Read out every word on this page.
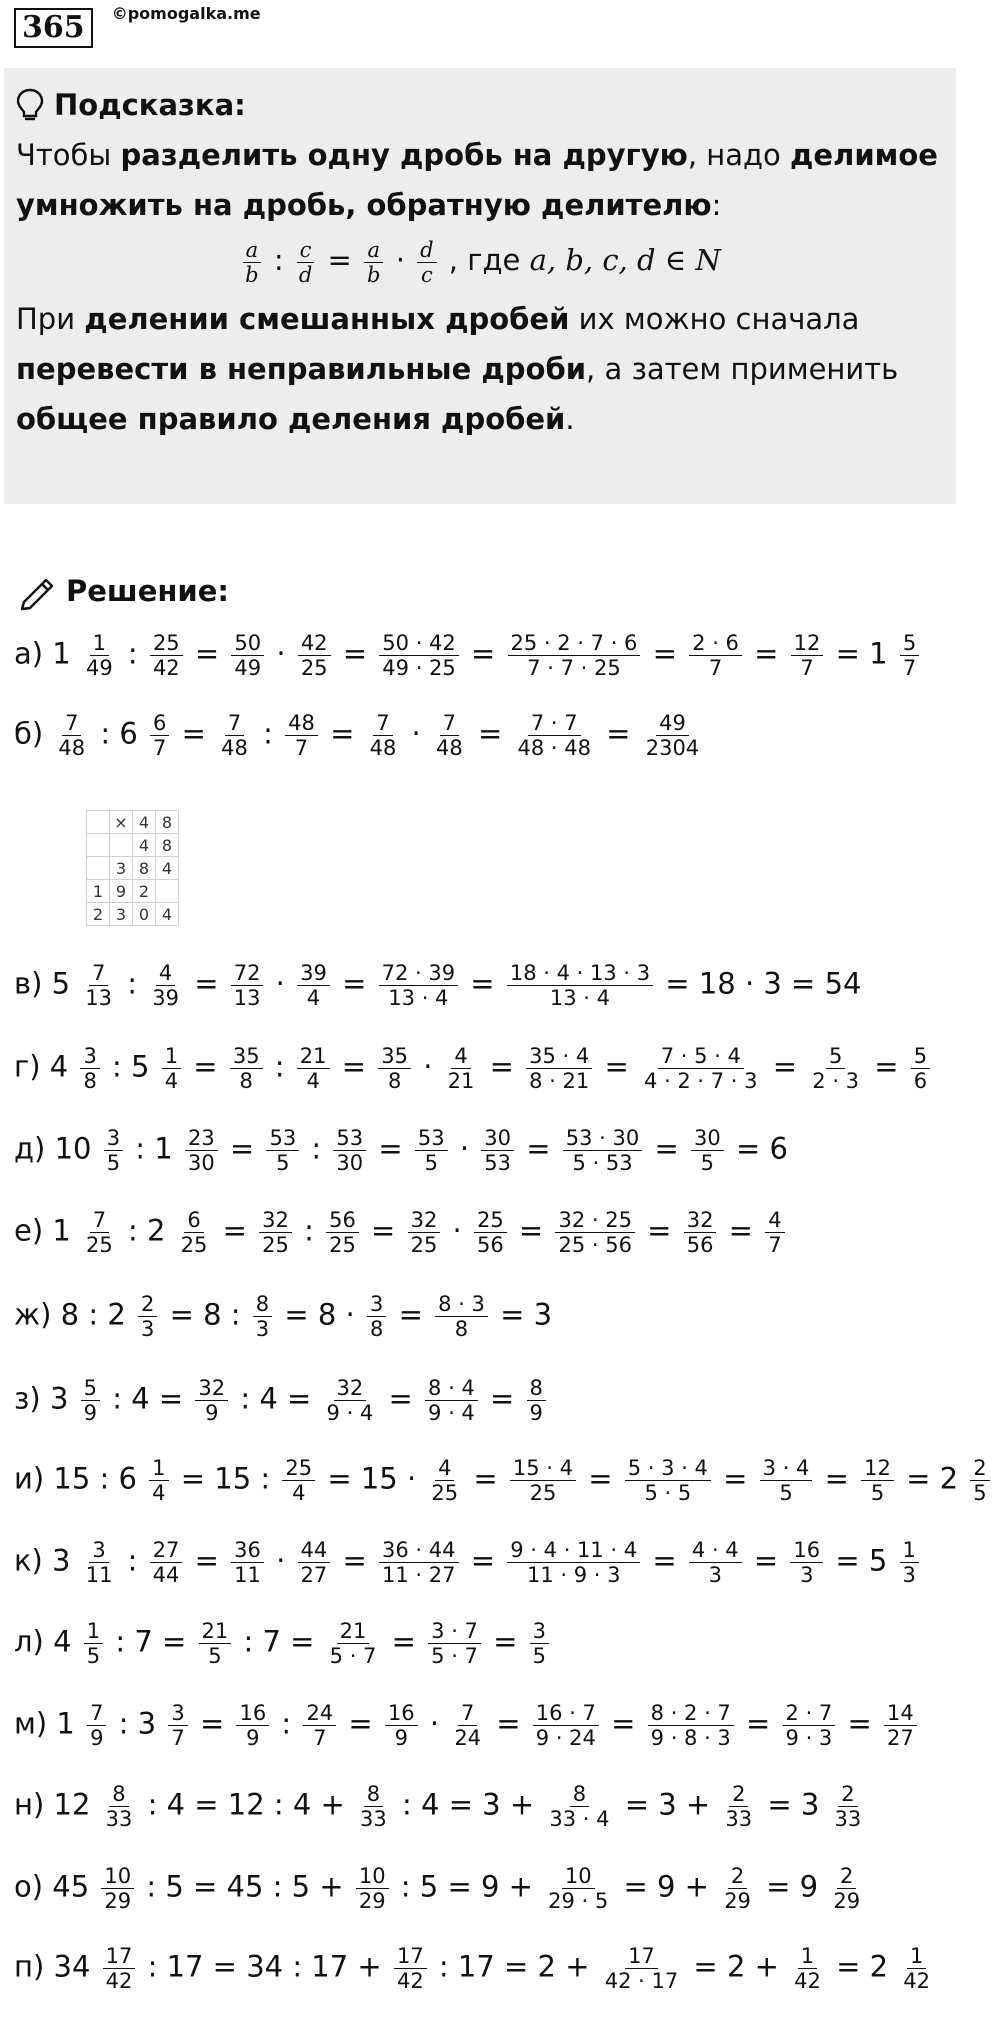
365 ©pomogalka.me
Подсказка:

Чтобы разделить одну дробь на другую, надо делимое

умножить на дробь, обратную делителю:

$\frac{a}{b}$ : $\frac{c}{d} = \frac{a}{b} \cdot \frac{d}{c}$ , где a, b, c, d ∈ N

При делении смешанных дробей их можно сначала

перевести в неправильные дроби, а затем применить

общее правило деления дробей.

Решение:
	×	4	8
		4	8
	3	8	4
1	9	2	
2	3	0	4
а) $1 \frac{1}{49}$ : $\frac{25}{42} = \frac{50}{49} \cdot \frac{42}{25} = \frac{50 \cdot 42}{49 \cdot 25} = \frac{25 \cdot 2 \cdot 7 \cdot 6}{7 \cdot 7 \cdot 25} = \frac{2 \cdot 6}{7} = \frac{12}{7} = 1 \frac{5}{7}$
$б) \frac{7}{48}$ : $6 \frac{6}{7} = \frac{7}{48}$ : $\frac{48}{7} = \frac{7}{48} \cdot \frac{7}{48} = \frac{7 \cdot 7}{48 \cdot 48} = \frac{49}{2304}$
в) $5 \frac{7}{13}$ : $\frac{4}{39} = \frac{72}{13} \cdot \frac{39}{4} = \frac{72 \cdot 39}{13 \cdot 4} = \frac{18 \cdot 4 \cdot 13 \cdot 3}{13 \cdot 4} = 18 \cdot 3 = 54$
г) $4 \frac{3}{8}$ : $5 \frac{1}{4} = \frac{35}{8}$ : $\frac{21}{4} = \frac{35}{8} \cdot \frac{4}{21} = \frac{35 \cdot 4}{8 \cdot 21} = \frac{7 \cdot 5 \cdot 4}{4 \cdot 2 \cdot 7 \cdot 3} = \frac{5}{2 \cdot 3} = \frac{5}{6}$
д) $10 \frac{3}{5}$ : $1 \frac{23}{30} = \frac{53}{5}$ : $\frac{53}{30} = \frac{53}{5} \cdot \frac{30}{53} = \frac{53 \cdot 30}{5 \cdot 53} = \frac{30}{5} = 6$
е) $1 \frac{7}{25}$ : $2 \frac{6}{25} = \frac{32}{25}$ : $\frac{56}{25} = \frac{32}{25} \cdot \frac{25}{56} = \frac{32 \cdot 25}{25 \cdot 56} = \frac{32}{56} = \frac{4}{7}$
ж) 8 : $2 \frac{2}{3} = 8$ : $\frac{8}{3} = 8 \cdot \frac{3}{8} = \frac{8 \cdot 3}{8} = 3$
з) $3 \frac{5}{9}$ : $4 = \frac{32}{9}$ : $4 = \frac{32}{9 \cdot 4} = \frac{8 \cdot 4}{9 \cdot 4} = \frac{8}{9}$
и) 15 : $6 \frac{1}{4} = 15$ : $\frac{25}{4} = 15 \cdot \frac{4}{25} = \frac{15 \cdot 4}{25} = \frac{5 \cdot 3 \cdot 4}{5 \cdot 5} = \frac{3 \cdot 4}{5} = \frac{12}{5} = 2 \frac{2}{5}$
к) $3 \frac{3}{11}$ : $\frac{27}{44} = \frac{36}{11} \cdot \frac{44}{27} = \frac{36 \cdot 44}{11 \cdot 27} = \frac{9 \cdot 4 \cdot 11 \cdot 4}{11 \cdot 9 \cdot 3} = \frac{4 \cdot 4}{3} = \frac{16}{3} = 5 \frac{1}{3}$
л) $4 \frac{1}{5}$ : $7 = \frac{21}{5}$ : $7 = \frac{21}{5 \cdot 7} = \frac{3 \cdot 7}{5 \cdot 7} = \frac{3}{5}$
м) $1 \frac{7}{9}$ : $3 \frac{3}{7} = \frac{16}{9}$ : $\frac{24}{7} = \frac{16}{9} \cdot \frac{7}{24} = \frac{16 \cdot 7}{9 \cdot 24} = \frac{8 \cdot 2 \cdot 7}{9 \cdot 8 \cdot 3} = \frac{2 \cdot 7}{9 \cdot 3} = \frac{14}{27}$
н) $12 \frac{8}{33}$ : 4 = 12 : $4 + \frac{8}{33}$ : $4 = 3 + \frac{8}{33 \cdot 4} = 3 + \frac{2}{33} = 3 \frac{2}{33}$
о) $45 \frac{10}{29}$ : 5 = 45 : $5 + \frac{10}{29}$ : $5 = 9 + \frac{10}{29 \cdot 5} = 9 + \frac{2}{29} = 9 \frac{2}{29}$
п) $34 \frac{17}{42}$ : 17 = 34 : $17 + \frac{17}{42}$ : $17 = 2 + \frac{17}{42 \cdot 17} = 2 + \frac{1}{42} = 2 \frac{1}{42}$
